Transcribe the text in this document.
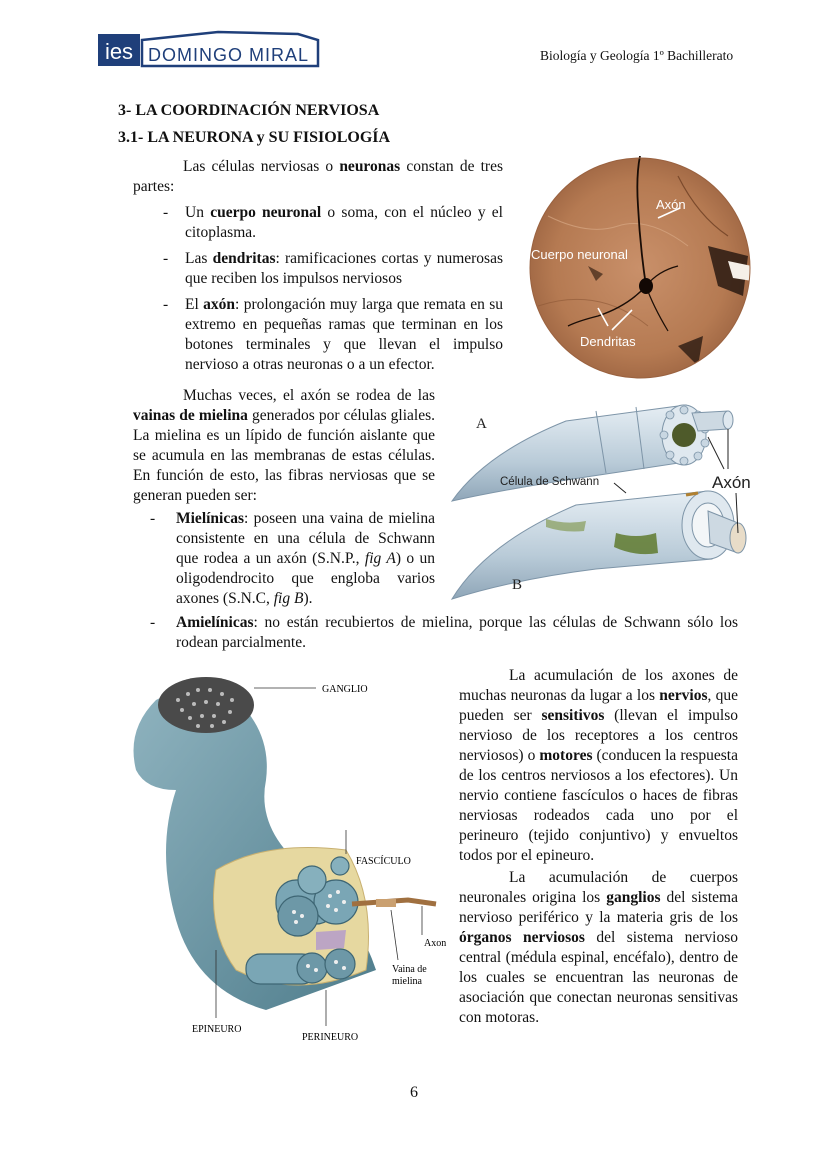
ies DOMINGO MIRAL	Biología y Geología 1º Bachillerato
3- LA COORDINACIÓN NERVIOSA
3.1- LA NEURONA y SU FISIOLOGÍA

Las células nerviosas o neuronas constan de tres partes:

- Un cuerpo neuronal o soma, con el núcleo y el citoplasma.
- Las dendritas: ramificaciones cortas y numerosas que reciben los impulsos nerviosos
- El axón: prolongación muy larga que remata en su extremo en pequeñas ramas que terminan en los botones terminales y que llevan el impulso nervioso a otras neuronas o a un efector.
Axón
Cuerpo neuronal
Dendritas

Muchas veces, el axón se rodea de las vainas de mielina generados por células gliales. La mielina es un lípido de función aislante que se acumula en las membranas de estas células. En función de esto, las fibras nerviosas que se generan pueden ser:

- Mielínicas: poseen una vaina de mielina consistente en una célula de Schwann que rodea a un axón (S.N.P., fig A) o un oligodendrocito que engloba varios axones (S.N.C, fig B).
- Amielínicas: no están recubiertos de mielina, porque las células de Schwann sólo los rodean parcialmente.
A
B
Célula de Schwann	Axón
GANGLIO
FASCÍCULO
Axon
Vaina de mielina
EPINEURO
PERINEURO

La acumulación de los axones de muchas neuronas da lugar a los nervios, que pueden ser sensitivos (llevan el impulso nervioso de los receptores a los centros nerviosos) o motores (conducen la respuesta de los centros nerviosos a los efectores). Un nervio contiene fascículos o haces de fibras nerviosas rodeados cada uno por el perineuro (tejido conjuntivo) y envueltos todos por el epineuro.

La acumulación de cuerpos neuronales origina los ganglios del sistema nervioso periférico y la materia gris de los órganos nerviosos del sistema nervioso central (médula espinal, encéfalo), dentro de los cuales se encuentran las neuronas de asociación que conectan neuronas sensitivas con motoras.

6
